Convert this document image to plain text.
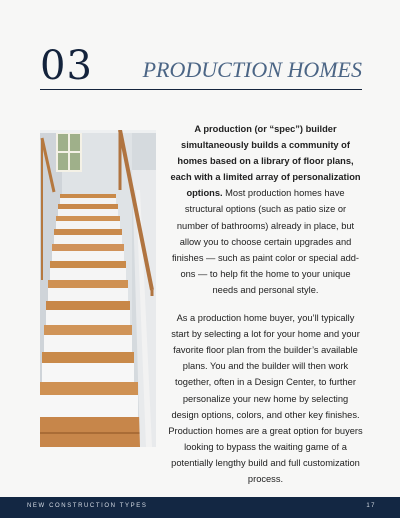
03 PRODUCTION HOMES

A production (or “spec”) builder simultaneously builds a community of homes based on a library of floor plans, each with a limited array of personalization options. Most production homes have structural options (such as patio size or number of bathrooms) already in place, but allow you to choose certain upgrades and finishes — such as paint color or special add-ons — to help fit the home to your unique needs and personal style.

As a production home buyer, you’ll typically start by selecting a lot for your home and your favorite floor plan from the builder’s available plans. You and the builder will then work together, often in a Design Center, to further personalize your new home by selecting design options, colors, and other key finishes. Production homes are a great option for buyers looking to bypass the waiting game of a potentially lengthy build and full customization process.

NEW CONSTRUCTION TYPES	17
